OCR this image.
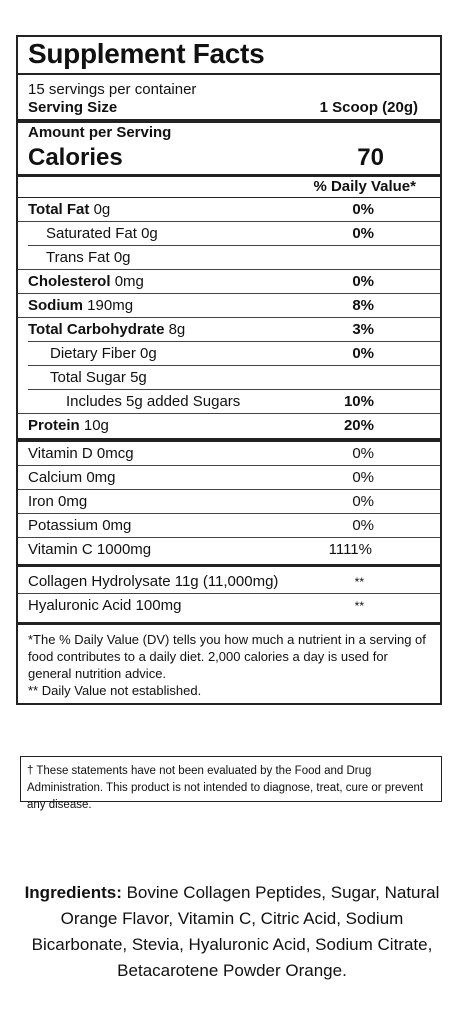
Supplement Facts
15 servings per container
Serving Size	1 Scoop (20g)
Amount per Serving
Calories	70
% Daily Value*
Total Fat 0g	0%
Saturated Fat 0g	0%
Trans Fat 0g
Cholesterol 0mg	0%
Sodium 190mg	8%
Total Carbohydrate 8g	3%
Dietary Fiber 0g	0%
Total Sugar 5g
Includes 5g added Sugars	10%
Protein 10g	20%
Vitamin D 0mcg	0%
Calcium 0mg	0%
Iron 0mg	0%
Potassium 0mg	0%
Vitamin C 1000mg	1111%
Collagen Hydrolysate 11g (11,000mg)	**
Hyaluronic Acid 100mg	**
*The % Daily Value (DV) tells you how much a nutrient in a serving of food contributes to a daily diet. 2,000 calories a day is used for general nutrition advice.
** Daily Value not established.
† These statements have not been evaluated by the Food and Drug Administration. This product is not intended to diagnose, treat, cure or prevent any disease.
Ingredients: Bovine Collagen Peptides, Sugar, Natural Orange Flavor, Vitamin C, Citric Acid, Sodium Bicarbonate, Stevia, Hyaluronic Acid, Sodium Citrate, Betacarotene Powder Orange.
